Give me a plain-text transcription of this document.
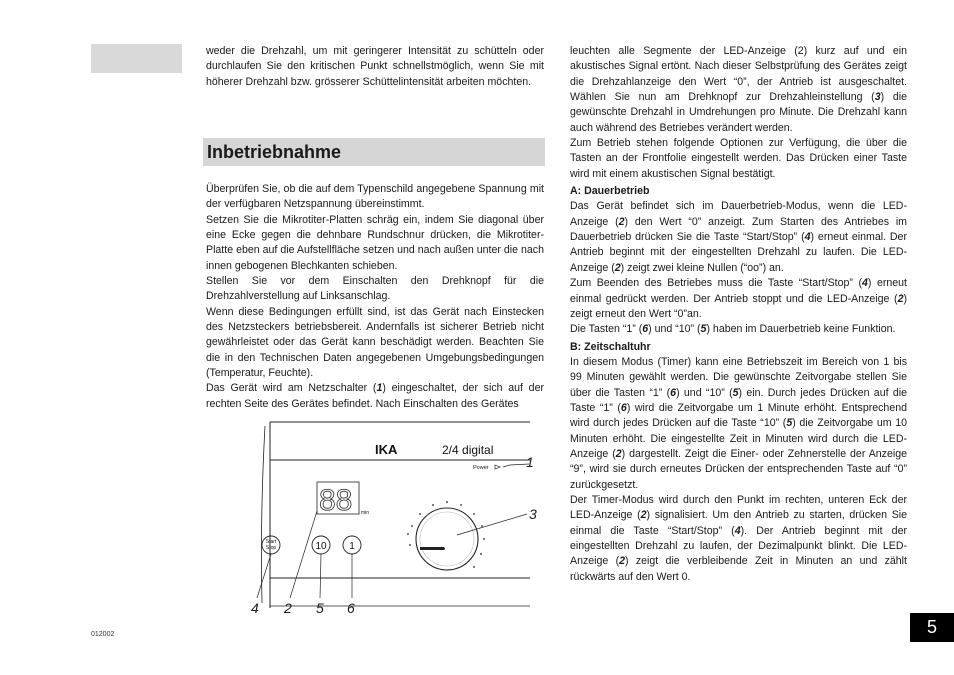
weder die Drehzahl, um mit geringerer Intensität zu schütteln oder durchlaufen Sie den kritischen Punkt schnellstmöglich, wenn Sie mit höherer Drehzahl bzw. grösserer Schüttelintensität arbeiten möchten.

Inbetriebnahme

Überprüfen Sie, ob die auf dem Typenschild angegebene Spannung mit der verfügbaren Netzspannung übereinstimmt.

Setzen Sie die Mikrotiter-Platten schräg ein, indem Sie diagonal über eine Ecke gegen die dehnbare Rundschnur drücken, die Mikrotiter-Platte eben auf die Aufstellfläche setzen und nach außen unter die nach innen gebogenen Blechkanten schieben.

Stellen Sie vor dem Einschalten den Drehknopf für die Drehzahlverstellung auf Linksanschlag.

Wenn diese Bedingungen erfüllt sind, ist das Gerät nach Einstecken des Netzsteckers betriebsbereit. Andernfalls ist sicherer Betrieb nicht gewährleistet oder das Gerät kann beschädigt werden. Beachten Sie die in den Technischen Daten angegebenen Umgebungsbedingungen (Temperatur, Feuchte).

Das Gerät wird am Netzschalter (1) eingeschaltet, der sich auf der rechten Seite des Gerätes befindet. Nach Einschalten des Gerätes

leuchten alle Segmente der LED-Anzeige (2) kurz auf und ein akustisches Signal ertönt. Nach dieser Selbstprüfung des Gerätes zeigt die Drehzahlanzeige den Wert “0”, der Antrieb ist ausgeschaltet. Wählen Sie nun am Drehknopf zur Drehzahleinstellung (3) die gewünschte Drehzahl in Umdrehungen pro Minute. Die Drehzahl kann auch während des Betriebes verändert werden.

Zum Betrieb stehen folgende Optionen zur Verfügung, die über die Tasten an der Frontfolie eingestellt werden. Das Drücken einer Taste wird mit einem akustischen Signal bestätigt.

A: Dauerbetrieb

Das Gerät befindet sich im Dauerbetrieb-Modus, wenn die LED-Anzeige (2) den Wert “0” anzeigt. Zum Starten des Antriebes im Dauerbetrieb drücken Sie die Taste “Start/Stop” (4) erneut einmal. Der Antrieb beginnt mit der eingestellten Drehzahl zu laufen. Die LED-Anzeige (2) zeigt zwei kleine Nullen (“oo”) an.

Zum Beenden des Betriebes muss die Taste “Start/Stop” (4) erneut einmal gedrückt werden. Der Antrieb stoppt und die LED-Anzeige (2) zeigt erneut den Wert “0”an.

Die Tasten “1” (6) und “10” (5) haben im Dauerbetrieb keine Funktion.

B: Zeitschaltuhr

In diesem Modus (Timer) kann eine Betriebszeit im Bereich von 1 bis 99 Minuten gewählt werden. Die gewünschte Zeitvorgabe stellen Sie über die Tasten “1” (6) und “10” (5) ein. Durch jedes Drücken auf die Taste “1” (6) wird die Zeitvorgabe um 1 Minute erhöht. Entsprechend wird durch jedes Drücken auf die Taste “10” (5) die Zeitvorgabe um 10 Minuten erhöht. Die eingestellte Zeit in Minuten wird durch die LED-Anzeige (2) dargestellt. Zeigt die Einer- oder Zehnerstelle der Anzeige “9”, wird sie durch erneutes Drücken der entsprechenden Taste auf “0” zurückgesetzt.

Der Timer-Modus wird durch den Punkt im rechten, unteren Eck der LED-Anzeige (2) signalisiert. Um den Antrieb zu starten, drücken Sie einmal die Taste “Start/Stop” (4). Der Antrieb beginnt mit der eingestellten Drehzahl zu laufen, der Dezimalpunkt blinkt. Die LED-Anzeige (2) zeigt die verbleibende Zeit in Minuten an und zählt rückwärts auf den Wert 0.

IKA	2/4 digital
Power
88 min
Start
Stop	10 1
1
3
4 2 5 6
012002	5
